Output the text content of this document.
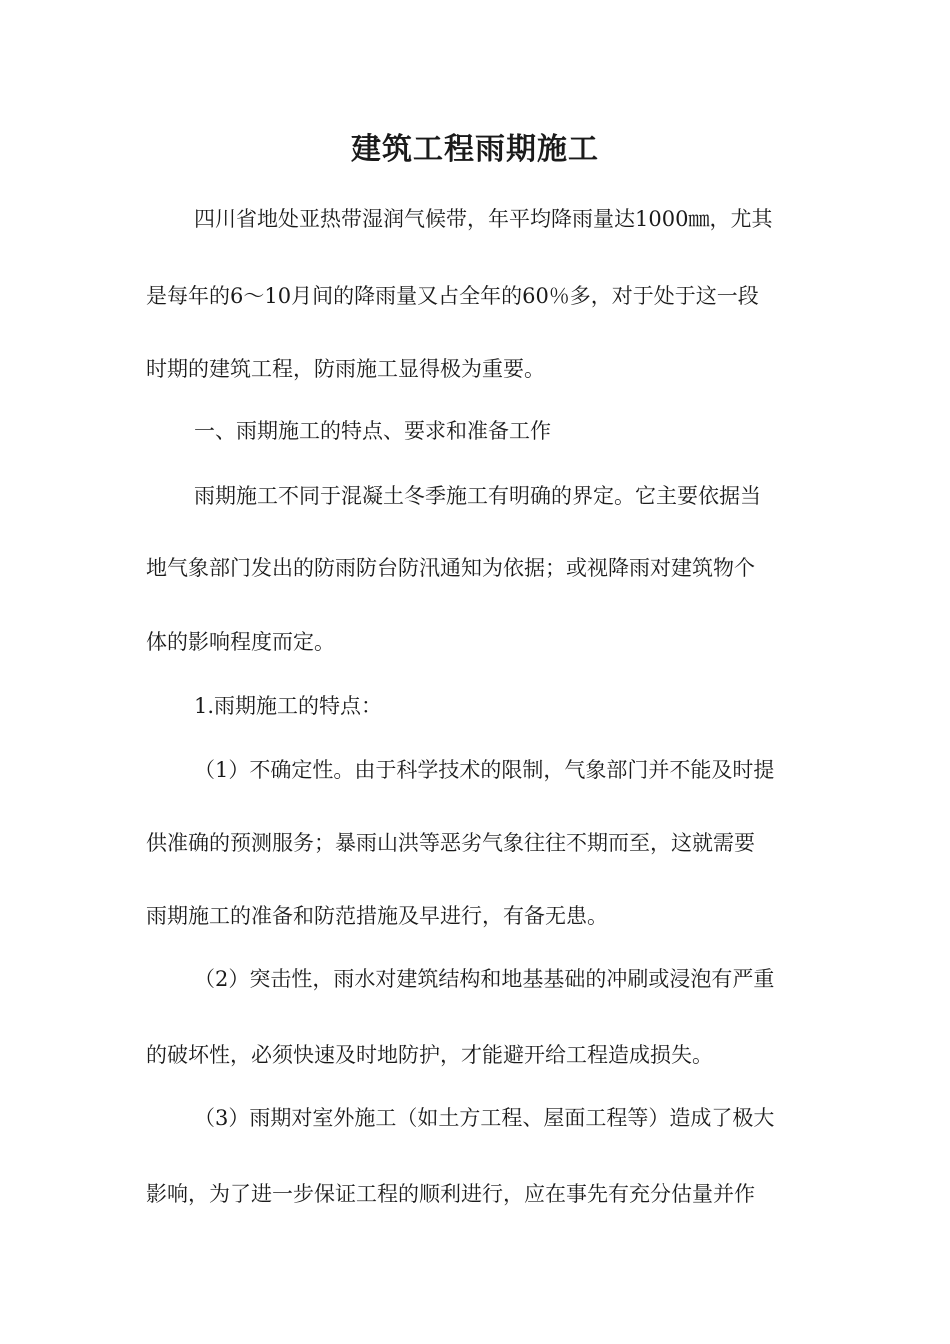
建筑工程雨期施工

四川省地处亚热带湿润气候带，年平均降雨量达1000㎜，尤其

是每年的6～10月间的降雨量又占全年的60％多，对于处于这一段

时期的建筑工程，防雨施工显得极为重要。

一、雨期施工的特点、要求和准备工作

雨期施工不同于混凝土冬季施工有明确的界定。它主要依据当

地气象部门发出的防雨防台防汛通知为依据；或视降雨对建筑物个

体的影响程度而定。

1.雨期施工的特点：

（1）不确定性。由于科学技术的限制，气象部门并不能及时提

供准确的预测服务；暴雨山洪等恶劣气象往往不期而至，这就需要

雨期施工的准备和防范措施及早进行，有备无患。

（2）突击性，雨水对建筑结构和地基基础的冲刷或浸泡有严重

的破坏性，必须快速及时地防护，才能避开给工程造成损失。

（3）雨期对室外施工（如土方工程、屋面工程等）造成了极大

影响，为了进一步保证工程的顺利进行，应在事先有充分估量并作
